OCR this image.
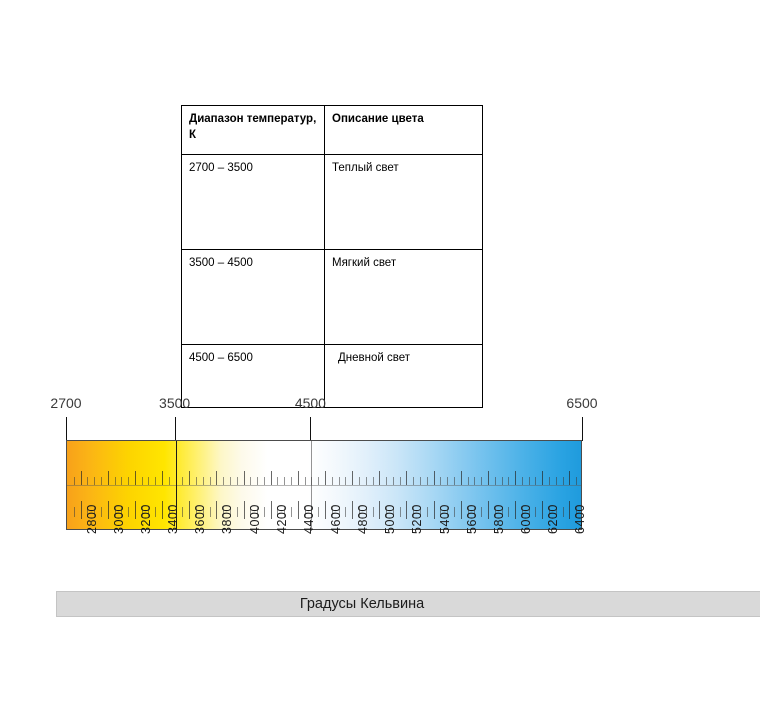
Диапазон температур, К	Описание цвета
2700 – 3500	Теплый свет
3500 – 4500	Мягкий свет
4500 – 6500	Дневной свет
2700	3500	4500	6500
2800 3000 3200 3400 3600 3800 4000 4200 4400 4600 4800 5000 5200 5400 5600 5800 6000 6200 6400
Градусы Кельвина
